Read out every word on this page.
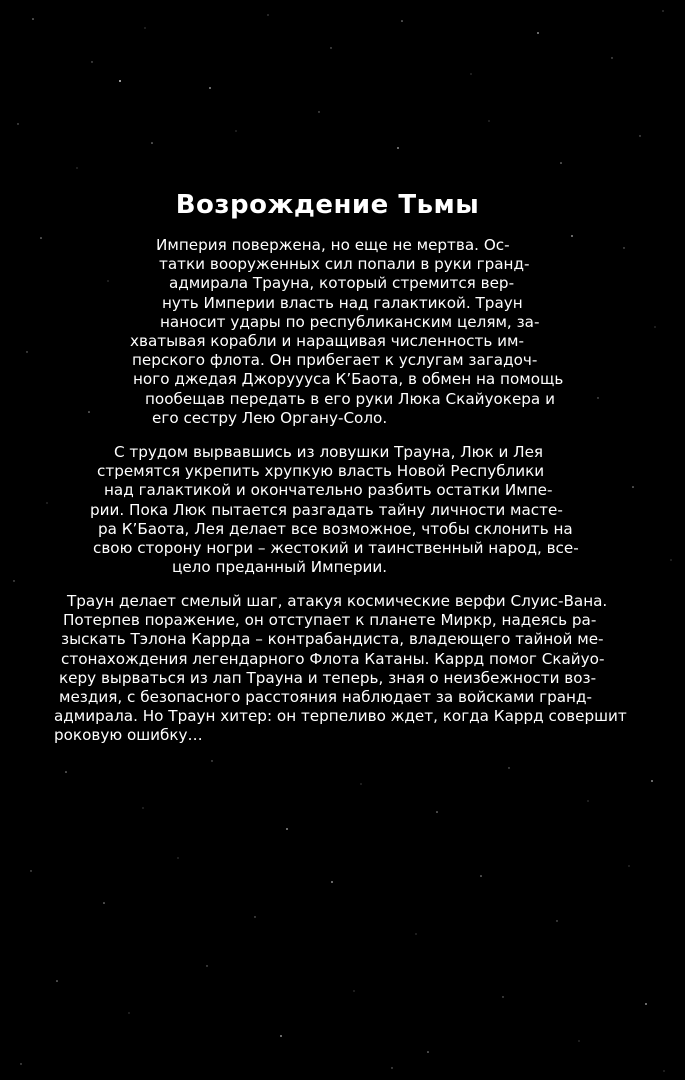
Возрождение Тьмы
Империя повержена, но еще не мертва. Ос-
татки вооруженных сил попали в руки гранд-
адмирала Трауна, который стремится вер-
нуть Империи власть над галактикой. Траун
наносит удары по республиканским целям, за-
хватывая корабли и наращивая численность им-
перского флота. Он прибегает к услугам загадоч-
ного джедая Джоруууса К’Баота, в обмен на помощь
пообещав передать в его руки Люка Скайуокера и
его сестру Лею Органу-Соло.
С трудом вырвавшись из ловушки Трауна, Люк и Лея
стремятся укрепить хрупкую власть Новой Республики
над галактикой и окончательно разбить остатки Импе-
рии. Пока Люк пытается разгадать тайну личности масте-
ра К’Баота, Лея делает все возможное, чтобы склонить на
свою сторону ногри – жестокий и таинственный народ, все-
цело преданный Империи.
Траун делает смелый шаг, атакуя космические верфи Слуис-Вана.
Потерпев поражение, он отступает к планете Миркр, надеясь ра-
зыскать Тэлона Каррда – контрабандиста, владеющего тайной ме-
стонахождения легендарного Флота Катаны. Каррд помог Скайуо-
керу вырваться из лап Трауна и теперь, зная о неизбежности воз-
мездия, с безопасного расстояния наблюдает за войсками гранд-
адмирала. Но Траун хитер: он терпеливо ждет, когда Каррд совершит
роковую ошибку…
